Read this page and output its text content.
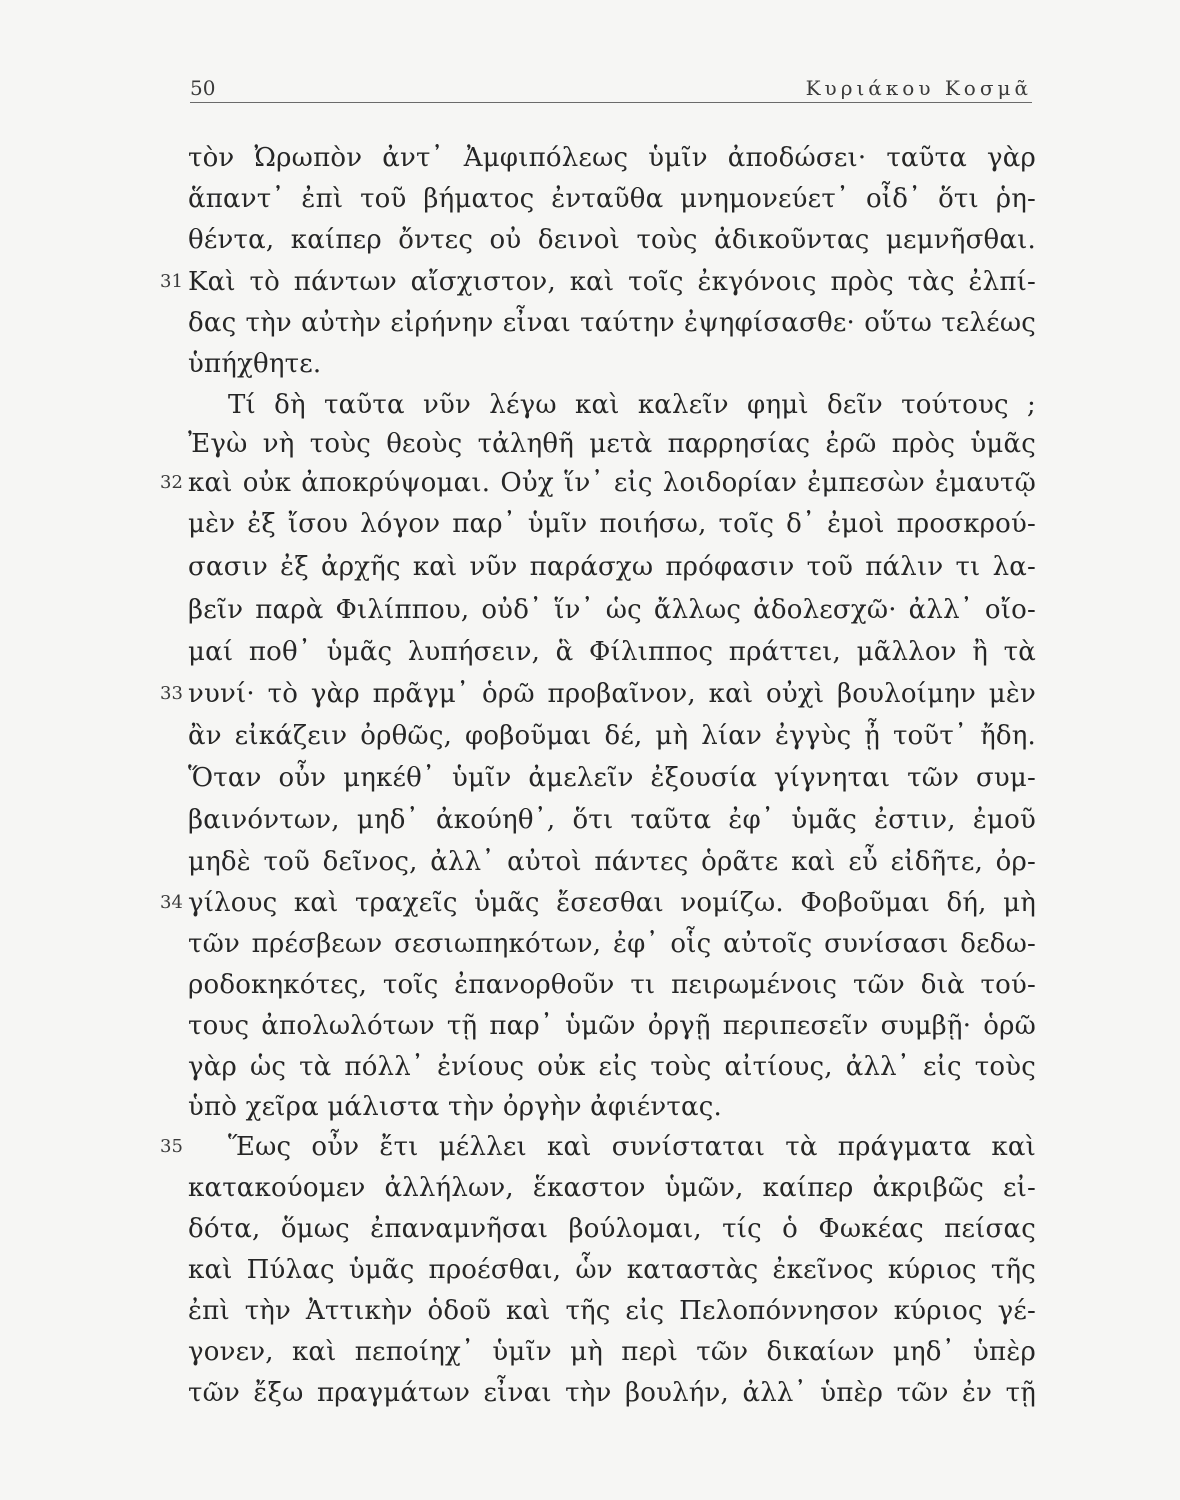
50	Κυριάκου Κοσμᾶ
31
32
33
34
35
τὸν Ὠρωπὸν ἀντ᾿ Ἀμφιπόλεως ὑμῖν ἀποδώσει· ταῦτα γὰρ
ἅπαντ᾿ ἐπὶ τοῦ βήματος ἐνταῦθα μνημονεύετ᾿ οἶδ᾿ ὅτι ῥη-
θέντα, καίπερ ὄντες οὐ δεινοὶ τοὺς ἀδικοῦντας μεμνῆσθαι.
Καὶ τὸ πάντων αἴσχιστον, καὶ τοῖς ἐκγόνοις πρὸς τὰς ἐλπί-
δας τὴν αὐτὴν εἰρήνην εἶναι ταύτην ἐψηφίσασθε· οὕτω τελέως
ὑπήχθητε.
Τί δὴ ταῦτα νῦν λέγω καὶ καλεῖν φημὶ δεῖν τούτους ;
Ἐγὼ νὴ τοὺς θεοὺς τἀληθῆ μετὰ παρρησίας ἐρῶ πρὸς ὑμᾶς
καὶ οὐκ ἀποκρύψομαι. Οὐχ ἵν᾿ εἰς λοιδορίαν ἐμπεσὼν ἐμαυτῷ
μὲν ἐξ ἴσου λόγον παρ᾿ ὑμῖν ποιήσω, τοῖς δ᾿ ἐμοὶ προσκρού-
σασιν ἐξ ἀρχῆς καὶ νῦν παράσχω πρόφασιν τοῦ πάλιν τι λα-
βεῖν παρὰ Φιλίππου, οὐδ᾿ ἵν᾿ ὡς ἄλλως ἀδολεσχῶ· ἀλλ᾿ οἴο-
μαί ποθ᾿ ὑμᾶς λυπήσειν, ἃ Φίλιππος πράττει, μᾶλλον ἢ τὰ
νυνί· τὸ γὰρ πρᾶγμ᾿ ὁρῶ προβαῖνον, καὶ οὐχὶ βουλοίμην μὲν
ἂν εἰκάζειν ὀρθῶς, φοβοῦμαι δέ, μὴ λίαν ἐγγὺς ᾖ τοῦτ᾿ ἤδη.
Ὅταν οὖν μηκέθ᾿ ὑμῖν ἀμελεῖν ἐξουσία γίγνηται τῶν συμ-
βαινόντων, μηδ᾿ ἀκούηθ᾿, ὅτι ταῦτα ἐφ᾿ ὑμᾶς ἐστιν, ἐμοῦ
μηδὲ τοῦ δεῖνος, ἀλλ᾿ αὐτοὶ πάντες ὁρᾶτε καὶ εὖ εἰδῆτε, ὀρ-
γίλους καὶ τραχεῖς ὑμᾶς ἔσεσθαι νομίζω. Φοβοῦμαι δή, μὴ
τῶν πρέσβεων σεσιωπηκότων, ἐφ᾿ οἷς αὐτοῖς συνίσασι δεδω-
ροδοκηκότες, τοῖς ἐπανορθοῦν τι πειρωμένοις τῶν διὰ τού-
τους ἀπολωλότων τῇ παρ᾿ ὑμῶν ὀργῇ περιπεσεῖν συμβῇ· ὁρῶ
γὰρ ὡς τὰ πόλλ᾿ ἐνίους οὐκ εἰς τοὺς αἰτίους, ἀλλ᾿ εἰς τοὺς
ὑπὸ χεῖρα μάλιστα τὴν ὀργὴν ἀφιέντας.
Ἕως οὖν ἔτι μέλλει καὶ συνίσταται τὰ πράγματα καὶ
κατακούομεν ἀλλήλων, ἕκαστον ὑμῶν, καίπερ ἀκριβῶς εἰ-
δότα, ὅμως ἐπαναμνῆσαι βούλομαι, τίς ὁ Φωκέας πείσας
καὶ Πύλας ὑμᾶς προέσθαι, ὧν καταστὰς ἐκεῖνος κύριος τῆς
ἐπὶ τὴν Ἀττικὴν ὁδοῦ καὶ τῆς εἰς Πελοπόννησον κύριος γέ-
γονεν, καὶ πεποίηχ᾿ ὑμῖν μὴ περὶ τῶν δικαίων μηδ᾿ ὑπὲρ
τῶν ἔξω πραγμάτων εἶναι τὴν βουλήν, ἀλλ᾿ ὑπὲρ τῶν ἐν τῇ
